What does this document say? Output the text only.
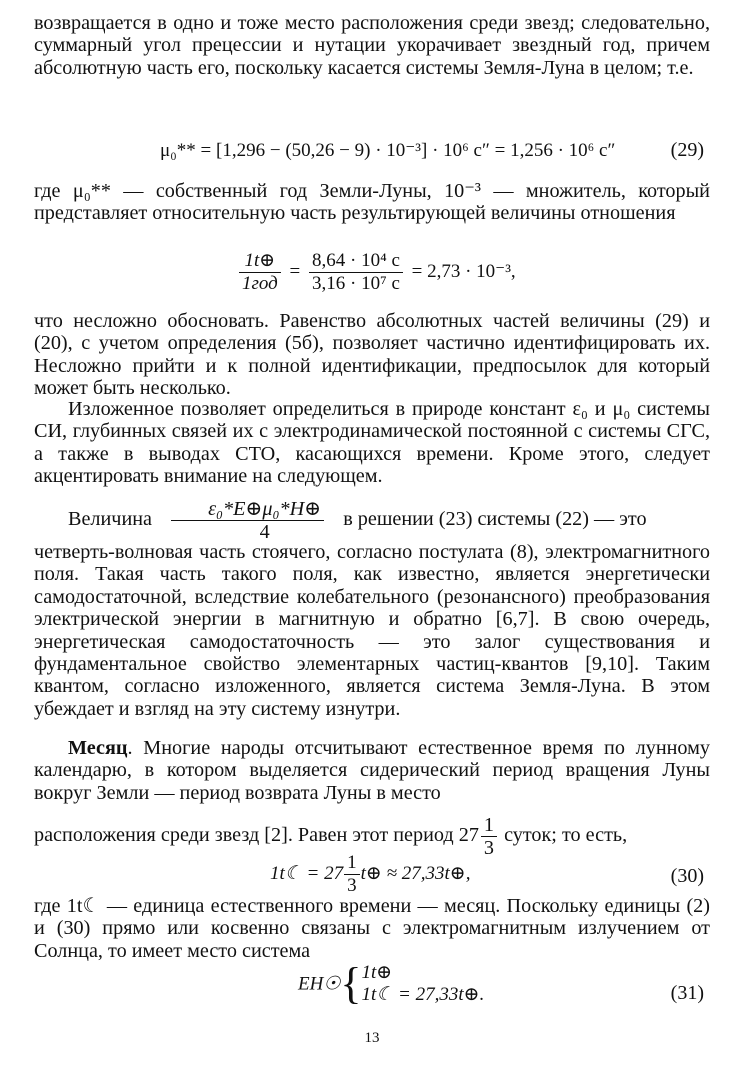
возвращается в одно и тоже место расположения среди звезд; следовательно, суммарный угол прецессии и нутации укорачивает звездный год, причем абсолютную часть его, поскольку касается системы Земля-Луна в целом; т.е.

μ₀** = [1,296 − (50,26 − 9) · 10⁻³] · 10⁶ c″ = 1,256 · 10⁶ c″	(29)

где μ₀** — собственный год Земли-Луны, 10⁻³ — множитель, который представляет относительную часть результирующей величины отношения

$\frac{1t\oplus}{\text{1год}} = \frac{\text{8,64 · 10⁴ c}}{\text{3,16 · 10⁷ c}} = 2,73 \cdot 10^{-3}$,

что несложно обосновать. Равенство абсолютных частей величины (29) и (20), с учетом определения (5б), позволяет частично идентифицировать их. Несложно прийти и к полной идентификации, предпосылок для который может быть несколько.

Изложенное позволяет определиться в природе констант ε₀ и μ₀ системы СИ, глубинных связей их с электродинамической постоянной c системы СГС, а также в выводах СТО, касающихся времени. Кроме этого, следует акцентировать внимание на следующем.

Величина $\frac{\text{ε₀*E⊕μ₀*H⊕}}{4}$ в решении (23) системы (22) — это

четверть-волновая часть стоячего, согласно постулата (8), электромагнитного поля. Такая часть такого поля, как известно, является энергетически самодостаточной, вследствие колебательного (резонансного) преобразования электрической энергии в магнитную и обратно [6,7]. В свою очередь, энергетическая самодостаточность — это залог существования и фундаментальное свойство элементарных частиц-квантов [9,10]. Таким квантом, согласно изложенного, является система Земля-Луна. В этом убеждает и взгляд на эту систему изнутри.

Месяц. Многие народы отсчитывают естественное время по лунному календарю, в котором выделяется сидерический период вращения Луны вокруг Земли — период возврата Луны в место

расположения среди звезд [2]. Равен этот период $27 \frac{1}{3}$ суток; то есть,
1t☾ = $27 \frac{1}{3}$ t⊕ ≈ 27,33t⊕,	(30)

где 1t☾ — единица естественного времени — месяц. Поскольку единицы (2) и (30) прямо или косвенно связаны с электромагнитным излучением от Солнца, то имеет место система

EH☉{ 1t⊕
1t☾ = 27,33t⊕.	(31)
13
